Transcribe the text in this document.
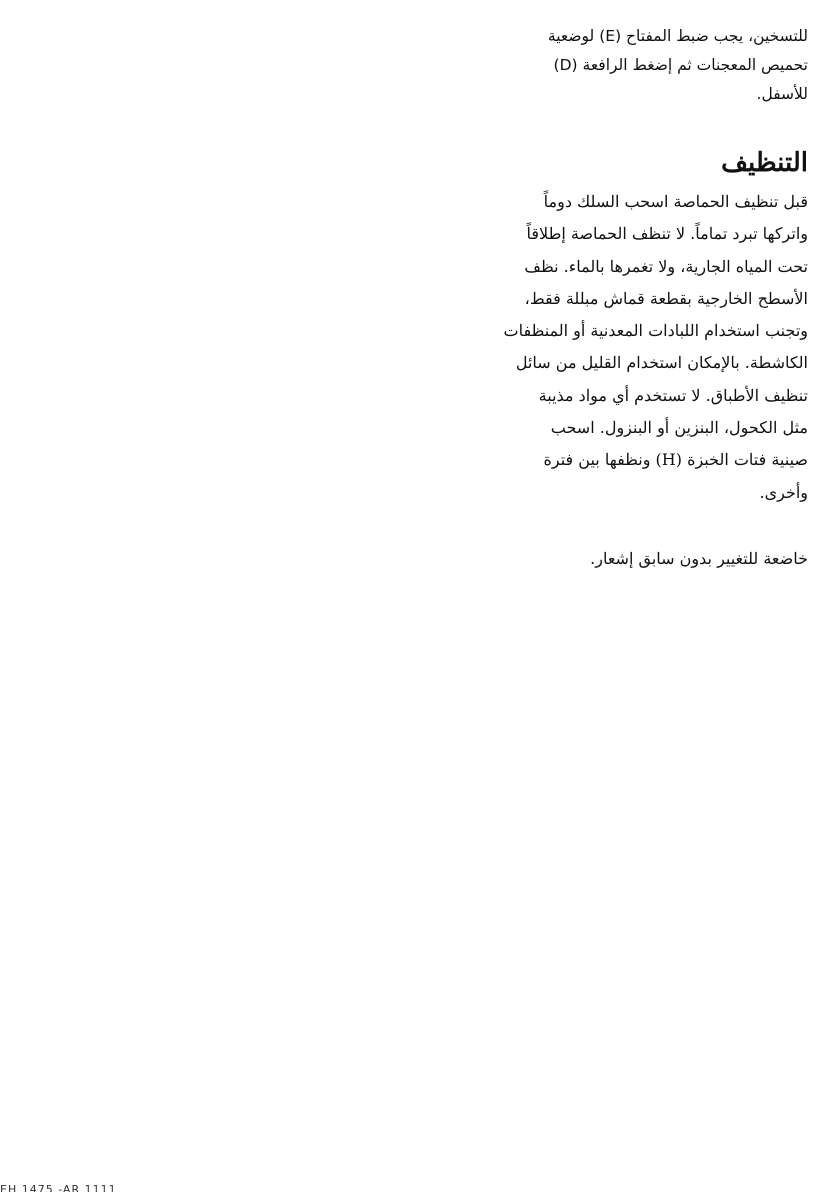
للتسخين، يجب ضبط المفتاح (E) لوضعية

تحميص المعجنات ثم إضغط الرافعة (D)

للأسفل.

التنظيف
قبل تنظيف الحماصة اسحب السلك دوماً
واتركها تبرد تماماً. لا تنظف الحماصة إطلاقاً
تحت المياه الجارية، ولا تغمرها بالماء. نظف
الأسطح الخارجية بقطعة قماش مبللة فقط،
وتجنب استخدام اللبادات المعدنية أو المنظفات
الكاشطة. بالإمكان استخدام القليل من سائل
تنظيف الأطباق. لا تستخدم أي مواد مذيبة
مثل الكحول، البنزين أو البنزول. اسحب
صينية فتات الخبزة (H) ونظفها بين فترة
وأخرى.
خاضعة للتغيير بدون سابق إشعار.
EH 1475 -AR 1111
